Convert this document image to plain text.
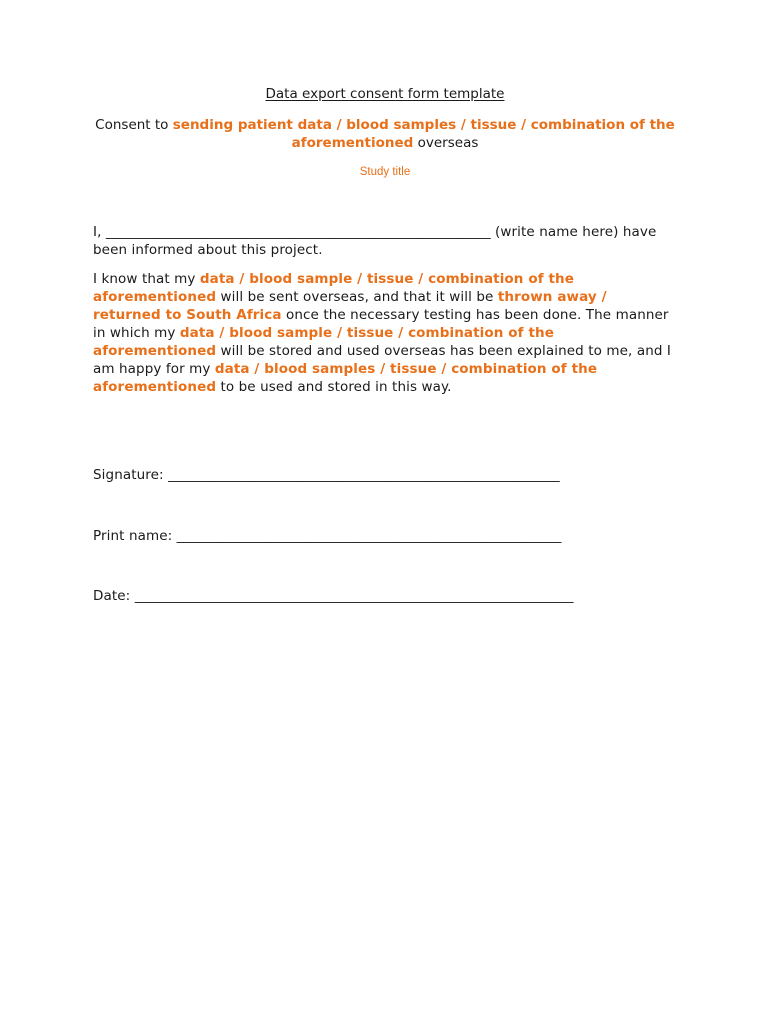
Data export consent form template
Consent to sending patient data / blood samples / tissue / combination of the aforementioned overseas
Study title
I, _________________________________________________________ (write name here) have been informed about this project.
I know that my data / blood sample / tissue / combination of the aforementioned will be sent overseas, and that it will be thrown away / returned to South Africa once the necessary testing has been done. The manner in which my data / blood sample / tissue / combination of the aforementioned will be stored and used overseas has been explained to me, and I am happy for my data / blood samples / tissue / combination of the aforementioned to be used and stored in this way.
Signature: __________________________________________________________
Print name: _________________________________________________________
Date: _________________________________________________________________
